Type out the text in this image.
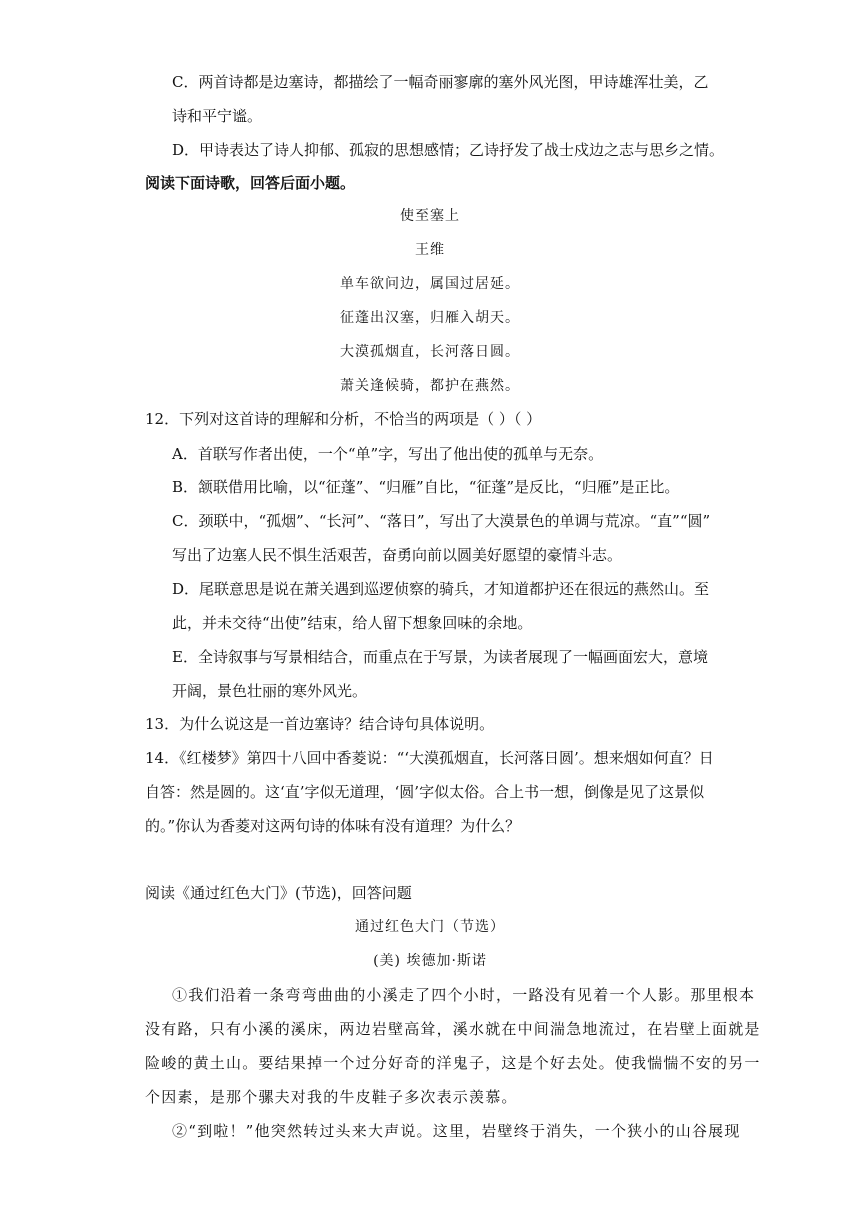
C．两首诗都是边塞诗，都描绘了一幅奇丽寥廓的塞外风光图，甲诗雄浑壮美，乙
诗和平宁谧。
D．甲诗表达了诗人抑郁、孤寂的思想感情；乙诗抒发了战士戍边之志与思乡之情。
阅读下面诗歌，回答后面小题。
使至塞上
王维
单车欲问边，属国过居延。
征蓬出汉塞，归雁入胡天。
大漠孤烟直，长河落日圆。
萧关逢候骑，都护在燕然。
12．下列对这首诗的理解和分析，不恰当的两项是（ ）（ ）
A．首联写作者出使，一个“单”字，写出了他出使的孤单与无奈。
B．颔联借用比喻，以“征蓬”、“归雁”自比，“征蓬”是反比，“归雁”是正比。
C．颈联中，“孤烟”、“长河”、“落日”，写出了大漠景色的单调与荒凉。“直”“圆”
写出了边塞人民不惧生活艰苦，奋勇向前以圆美好愿望的豪情斗志。
D．尾联意思是说在萧关遇到巡逻侦察的骑兵，才知道都护还在很远的燕然山。至
此，并未交待“出使”结束，给人留下想象回味的余地。
E．全诗叙事与写景相结合，而重点在于写景，为读者展现了一幅画面宏大，意境
开阔，景色壮丽的寒外风光。
13．为什么说这是一首边塞诗？结合诗句具体说明。
14．《红楼梦》第四十八回中香菱说：“‘大漠孤烟直，长河落日圆’。想来烟如何直？日
自答：然是圆的。这‘直’字似无道理，‘圆’字似太俗。合上书一想，倒像是见了这景似
的。”你认为香菱对这两句诗的体味有没有道理？为什么？
阅读《通过红色大门》(节选)，回答问题
通过红色大门（节选）
(美) 埃德加·斯诺
①我们沿着一条弯弯曲曲的小溪走了四个小时，一路没有见着一个人影。那里根本
没有路，只有小溪的溪床，两边岩壁高耸，溪水就在中间湍急地流过，在岩壁上面就是
险峻的黄土山。要结果掉一个过分好奇的洋鬼子，这是个好去处。使我惴惴不安的另一
个因素，是那个骡夫对我的牛皮鞋子多次表示羡慕。
②“到啦！”他突然转过头来大声说。这里，岩壁终于消失，一个狭小的山谷展现
